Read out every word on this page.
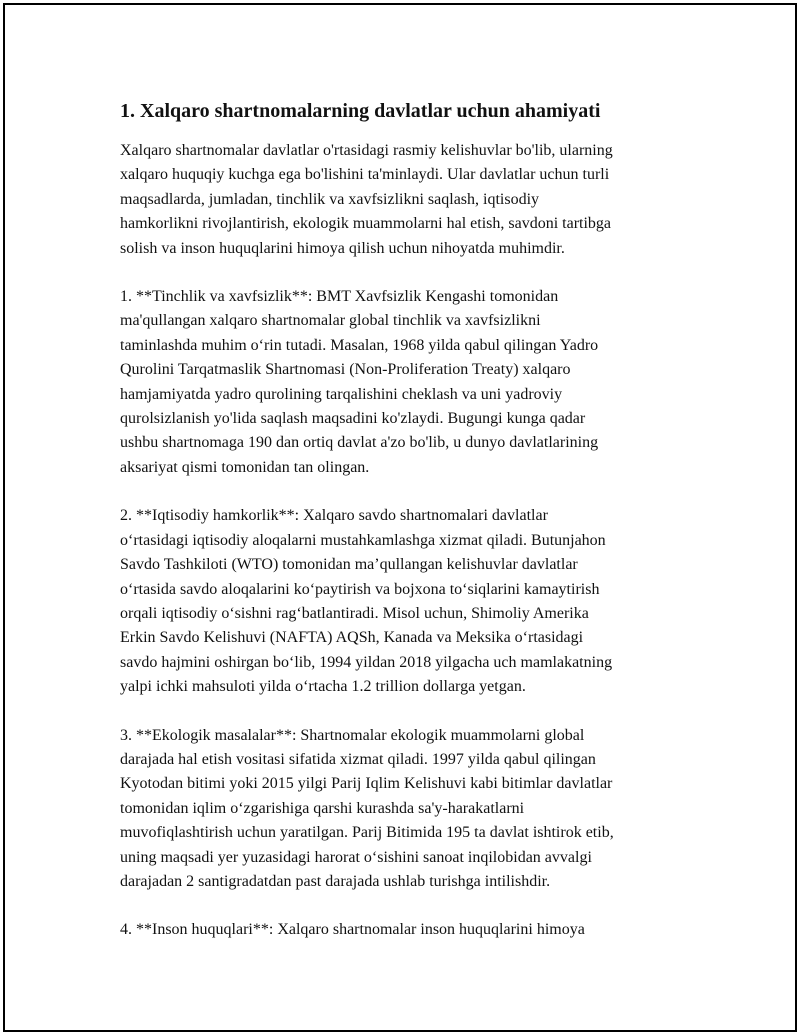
1. Xalqaro shartnomalarning davlatlar uchun ahamiyati

Xalqaro shartnomalar davlatlar o'rtasidagi rasmiy kelishuvlar bo'lib, ularning
xalqaro huquqiy kuchga ega bo'lishini ta'minlaydi. Ular davlatlar uchun turli
maqsadlarda, jumladan, tinchlik va xavfsizlikni saqlash, iqtisodiy
hamkorlikni rivojlantirish, ekologik muammolarni hal etish, savdoni tartibga
solish va inson huquqlarini himoya qilish uchun nihoyatda muhimdir.

1. **Tinchlik va xavfsizlik**: BMT Xavfsizlik Kengashi tomonidan
ma'qullangan xalqaro shartnomalar global tinchlik va xavfsizlikni
taminlashda muhim o‘rin tutadi. Masalan, 1968 yilda qabul qilingan Yadro
Qurolini Tarqatmaslik Shartnomasi (Non-Proliferation Treaty) xalqaro
hamjamiyatda yadro qurolining tarqalishini cheklash va uni yadroviy
qurolsizlanish yo'lida saqlash maqsadini ko'zlaydi. Bugungi kunga qadar
ushbu shartnomaga 190 dan ortiq davlat a'zo bo'lib, u dunyo davlatlarining
aksariyat qismi tomonidan tan olingan.

2. **Iqtisodiy hamkorlik**: Xalqaro savdo shartnomalari davlatlar
o‘rtasidagi iqtisodiy aloqalarni mustahkamlashga xizmat qiladi. Butunjahon
Savdo Tashkiloti (WTO) tomonidan ma’qullangan kelishuvlar davlatlar
o‘rtasida savdo aloqalarini ko‘paytirish va bojxona to‘siqlarini kamaytirish
orqali iqtisodiy o‘sishni rag‘batlantiradi. Misol uchun, Shimoliy Amerika
Erkin Savdo Kelishuvi (NAFTA) AQSh, Kanada va Meksika o‘rtasidagi
savdo hajmini oshirgan bo‘lib, 1994 yildan 2018 yilgacha uch mamlakatning
yalpi ichki mahsuloti yilda o‘rtacha 1.2 trillion dollarga yetgan.

3. **Ekologik masalalar**: Shartnomalar ekologik muammolarni global
darajada hal etish vositasi sifatida xizmat qiladi. 1997 yilda qabul qilingan
Kyotodan bitimi yoki 2015 yilgi Parij Iqlim Kelishuvi kabi bitimlar davlatlar
tomonidan iqlim o‘zgarishiga qarshi kurashda sa'y-harakatlarni
muvofiqlashtirish uchun yaratilgan. Parij Bitimida 195 ta davlat ishtirok etib,
uning maqsadi yer yuzasidagi harorat o‘sishini sanoat inqilobidan avvalgi
darajadan 2 santigradatdan past darajada ushlab turishga intilishdir.

4. **Inson huquqlari**: Xalqaro shartnomalar inson huquqlarini himoya
